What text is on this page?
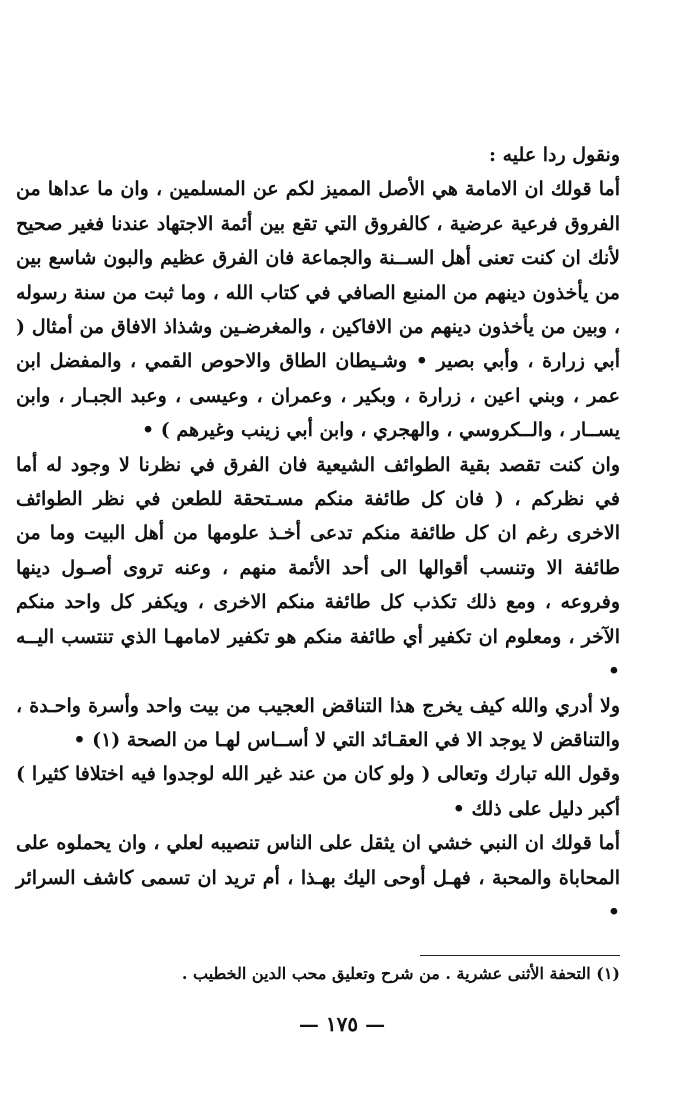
ونقول ردا عليه :

أما قولك ان الامامة هي الأصل المميز لكم عن المسلمين ، وان ما عداها من الفروق فرعية عرضية ، كالفروق التي تقع بين أئمة الاجتهاد عندنا فغير صحيح لأنك ان كنت تعنى أهل الســنة والجماعة فان الفرق عظيم والبون شاسع بين من يأخذون دينهم من المنبع الصافي في كتاب الله ، وما ثبت من سنة رسوله ، وبين من يأخذون دينهم من الافاكين ، والمغرضـين وشذاذ الافاق من أمثال ( أبي زرارة ، وأبي بصير • وشـيطان الطاق والاحوص القمي ، والمفضل ابن عمر ، وبني اعين ، زرارة ، وبكير ، وعمران ، وعيسى ، وعبد الجبـار ، وابن يســار ، والــكروسي ، والهجري ، وابن أبي زينب وغيرهم ) •

وان كنت تقصد بقية الطوائف الشيعية فان الفرق في نظرنا لا وجود له أما في نظركم ، ( فان كل طائفة منكم مسـتحقة للطعن في نظر الطوائف الاخرى رغم ان كل طائفة منكم تدعى أخـذ علومها من أهل البيت وما من طائفة الا وتنسب أقوالها الى أحد الأئمة منهم ، وعنه تروى أصـول دينها وفروعه ، ومع ذلك تكذب كل طائفة منكم الاخرى ، ويكفر كل واحد منكم الآخر ، ومعلوم ان تكفير أي طائفة منكم هو تكفير لامامهـا الذي تنتسب اليــه •

ولا أدري والله كيف يخرج هذا التناقض العجيب من بيت واحد وأسرة واحـدة ، والتناقض لا يوجد الا في العقـائد التي لا أســاس لهـا من الصحة (١) •

وقول الله تبارك وتعالى ( ولو كان من عند غير الله لوجدوا فيه اختلافا كثيرا ) أكبر دليل على ذلك •

أما قولك ان النبي خشي ان يثقل على الناس تنصيبه لعلي ، وان يحملوه على المحاباة والمحبة ، فهـل أوحى اليك بهـذا ، أم تريد ان تسمى كاشف السرائر •

(١) التحفة الأثنى عشرية . من شرح وتعليق محب الدين الخطيب .
— ١٧٥ —
